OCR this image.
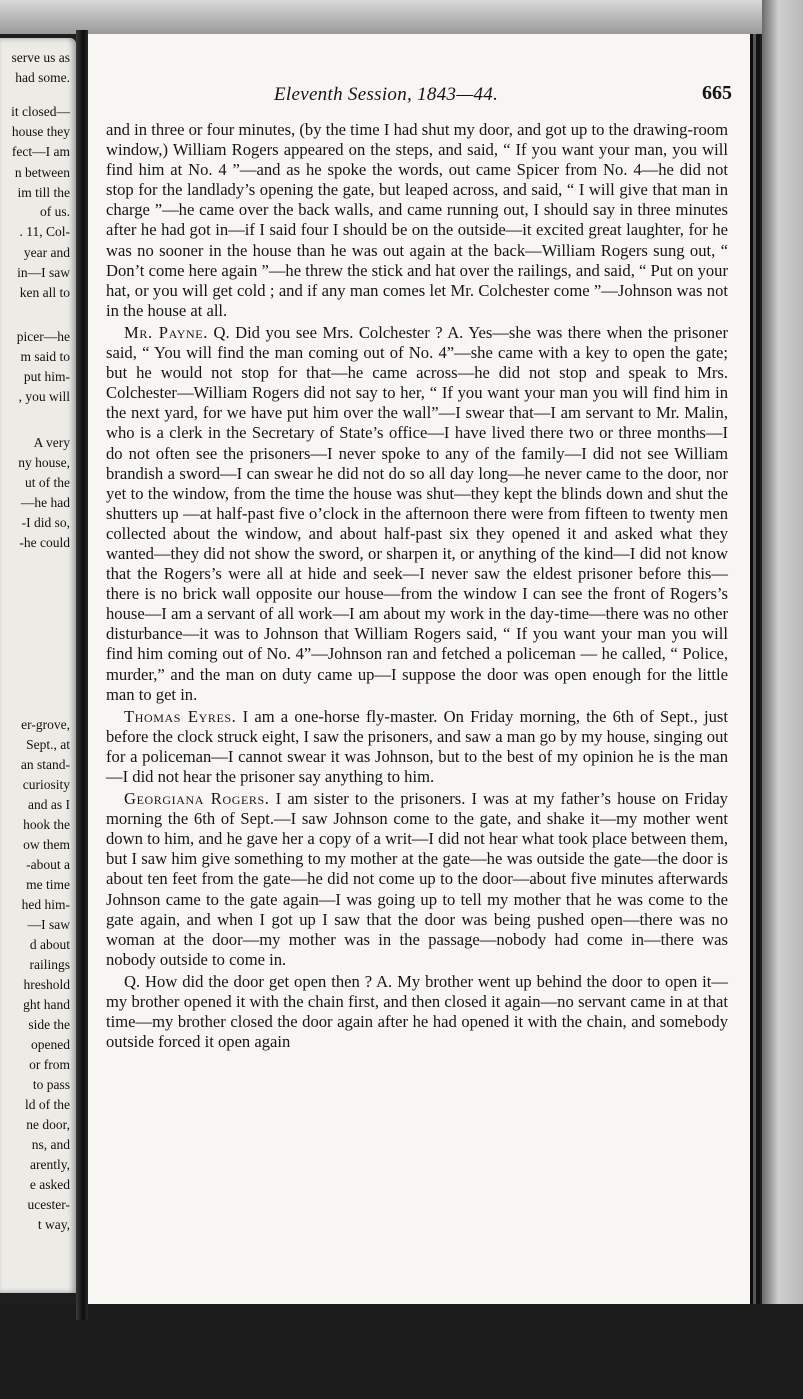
serve us as
had some.
it closed—
house they
fect—I am
n between
im till the
of us.
. 11, Col-
year and
in—I saw
ken all to
picer—he
m said to
put him-
, you will
A very
ny house,
ut of the
—he had
-I did so,
-he could
er-grove,
Sept., at
an stand-
curiosity
and as I
hook the
ow them
-about a
me time
hed him-
—I saw
d about
railings
hreshold
ght hand
side the
opened
or from
to pass
ld of the
ne door,
ns, and
arently,
e asked
ucester-
t way,
Eleventh Session, 1843—44.	665

and in three or four minutes, (by the time I had shut my door, and got up to the drawing-room window,) William Rogers appeared on the steps, and said, “ If you want your man, you will find him at No. 4 ”—and as he spoke the words, out came Spicer from No. 4—he did not stop for the landlady’s opening the gate, but leaped across, and said, “ I will give that man in charge ”—he came over the back walls, and came running out, I should say in three minutes after he had got in—if I said four I should be on the outside—it excited great laughter, for he was no sooner in the house than he was out again at the back—William Rogers sung out, “ Don’t come here again ”—he threw the stick and hat over the railings, and said, “ Put on your hat, or you will get cold ; and if any man comes let Mr. Colchester come ”—Johnson was not in the house at all.

Mr. Payne. Q. Did you see Mrs. Colchester ? A. Yes—she was there when the prisoner said, “ You will find the man coming out of No. 4”—she came with a key to open the gate; but he would not stop for that—he came across—he did not stop and speak to Mrs. Colchester—William Rogers did not say to her, “ If you want your man you will find him in the next yard, for we have put him over the wall”—I swear that—I am servant to Mr. Malin, who is a clerk in the Secretary of State’s office—I have lived there two or three months—I do not often see the prisoners—I never spoke to any of the family—I did not see William brandish a sword—I can swear he did not do so all day long—he never came to the door, nor yet to the window, from the time the house was shut—they kept the blinds down and shut the shutters up —at half-past five o’clock in the afternoon there were from fifteen to twenty men collected about the window, and about half-past six they opened it and asked what they wanted—they did not show the sword, or sharpen it, or anything of the kind—I did not know that the Rogers’s were all at hide and seek—I never saw the eldest prisoner before this—there is no brick wall opposite our house—from the window I can see the front of Rogers’s house—I am a servant of all work—I am about my work in the day-time—there was no other disturbance—it was to Johnson that William Rogers said, “ If you want your man you will find him coming out of No. 4”—Johnson ran and fetched a policeman — he called, “ Police, murder,” and the man on duty came up—I suppose the door was open enough for the little man to get in.

Thomas Eyres. I am a one-horse fly-master. On Friday morning, the 6th of Sept., just before the clock struck eight, I saw the prisoners, and saw a man go by my house, singing out for a policeman—I cannot swear it was Johnson, but to the best of my opinion he is the man—I did not hear the prisoner say anything to him.

Georgiana Rogers. I am sister to the prisoners. I was at my father’s house on Friday morning the 6th of Sept.—I saw Johnson come to the gate, and shake it—my mother went down to him, and he gave her a copy of a writ—I did not hear what took place between them, but I saw him give something to my mother at the gate—he was outside the gate—the door is about ten feet from the gate—he did not come up to the door—about five minutes afterwards Johnson came to the gate again—I was going up to tell my mother that he was come to the gate again, and when I got up I saw that the door was being pushed open—there was no woman at the door—my mother was in the passage—nobody had come in—there was nobody outside to come in.

Q. How did the door get open then ? A. My brother went up behind the door to open it—my brother opened it with the chain first, and then closed it again—no servant came in at that time—my brother closed the door again after he had opened it with the chain, and somebody outside forced it open again
